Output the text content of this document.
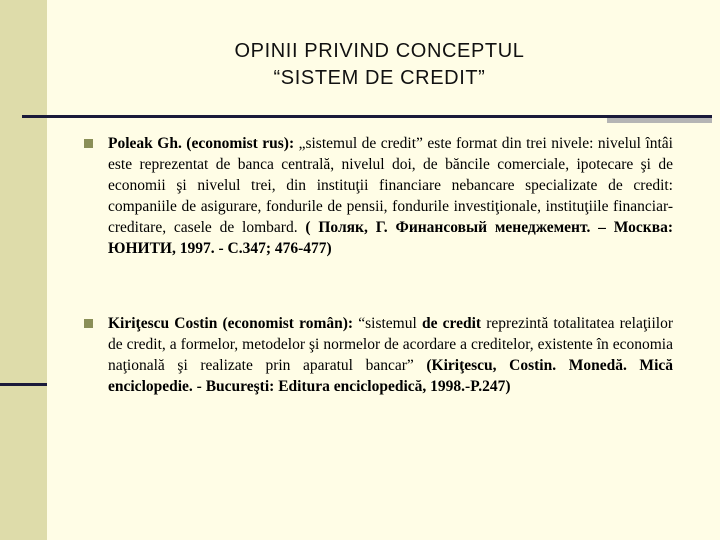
OPINII PRIVIND CONCEPTUL
“SISTEM DE CREDIT”
Poleak Gh. (economist rus): „sistemul de credit” este format din trei nivele: nivelul întâi este reprezentat de banca centrală, nivelul doi, de băncile comerciale, ipotecare şi de economii şi nivelul trei, din instituţii financiare nebancare specializate de credit: companiile de asigurare, fondurile de pensii, fondurile investiţionale, instituţiile financiar-creditare, casele de lombard. ( Поляк, Г. Финансовый менеджемент. – Москва: ЮНИТИ, 1997. - С.347; 476-477)
Kiriţescu Costin (economist român): “sistemul de credit reprezintă totalitatea relaţiilor de credit, a formelor, metodelor şi normelor de acordare a creditelor, existente în economia naţională şi realizate prin aparatul bancar” (Kiriţescu, Costin. Monedă. Mică enciclopedie. - Bucureşti: Editura enciclopedică, 1998.-P.247)
